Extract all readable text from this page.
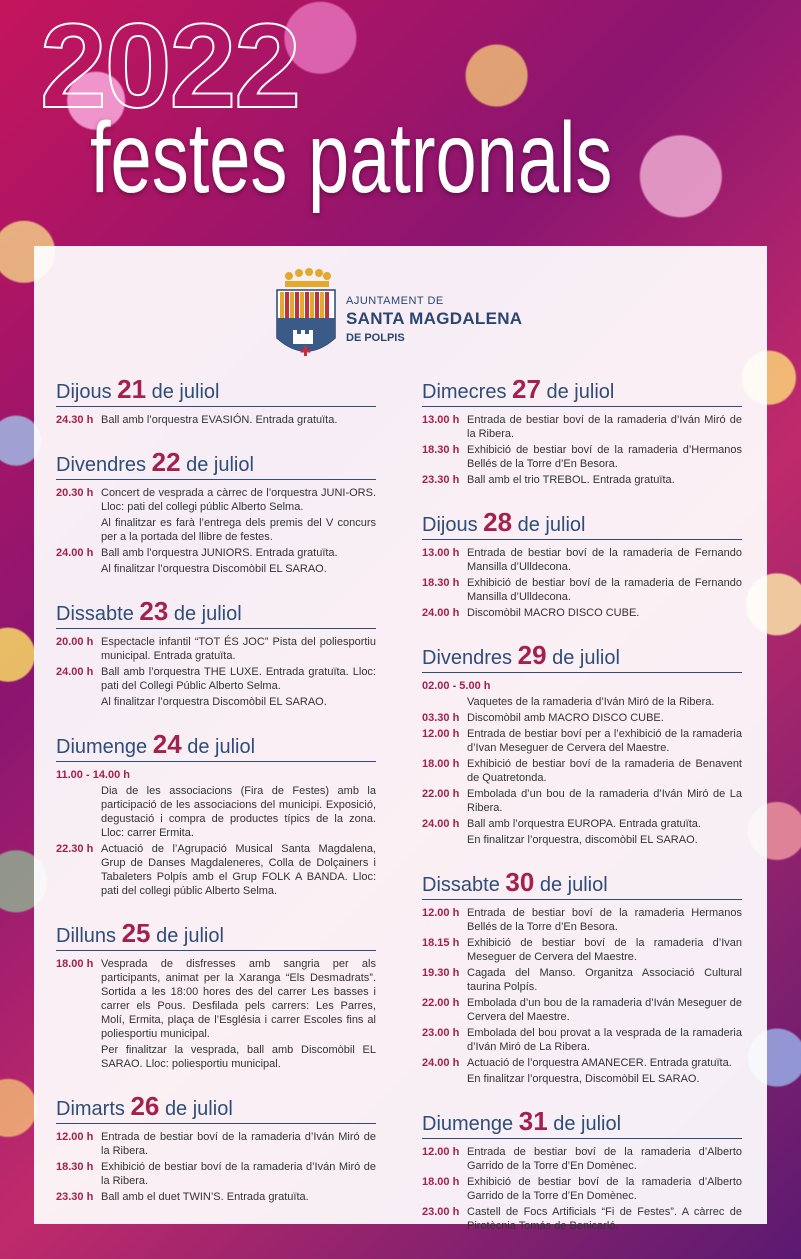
2022
festes patronals
AJUNTAMENT DE
SANTA MAGDALENA
DE POLPIS
Dijous 21 de juliol
24.30 h Ball amb l’orquestra EVASIÓN. Entrada gratuïta.
Divendres 22 de juliol
20.30 h Concert de vesprada a càrrec de l’orquestra JUNI-ORS. Lloc: pati del collegi públic Alberto Selma.
Al finalitzar es farà l’entrega dels premis del V concurs per a la portada del llibre de festes.
24.00 h Ball amb l’orquestra JUNIORS. Entrada gratuïta.
Al finalitzar l’orquestra Discomòbil EL SARAO.
Dissabte 23 de juliol
20.00 h Espectacle infantil “TOT ÉS JOC” Pista del poliesportiu municipal. Entrada gratuïta.
24.00 h Ball amb l’orquestra THE LUXE. Entrada gratuïta. Lloc: pati del Collegi Públic Alberto Selma.
Al finalitzar l’orquestra Discomòbil EL SARAO.
Diumenge 24 de juliol
11.00 - 14.00 h
Dia de les associacions (Fira de Festes) amb la participació de les associacions del municipi. Exposició, degustació i compra de productes típics de la zona. Lloc: carrer Ermita.
22.30 h Actuació de l’Agrupació Musical Santa Magdalena, Grup de Danses Magdaleneres, Colla de Dolçainers i Tabaleters Polpís amb el Grup FOLK A BANDA. Lloc: pati del collegi públic Alberto Selma.
Dilluns 25 de juliol
18.00 h Vesprada de disfresses amb sangria per als participants, animat per la Xaranga “Els Desmadrats”. Sortida a les 18:00 hores des del carrer Les basses i carrer els Pous. Desfilada pels carrers: Les Parres, Molí, Ermita, plaça de l’Església i carrer Escoles fins al poliesportiu municipal.
Per finalitzar la vesprada, ball amb Discomòbil EL SARAO. Lloc: poliesportiu municipal.
Dimarts 26 de juliol
12.00 h Entrada de bestiar boví de la ramaderia d’Iván Miró de la Ribera.
18.30 h Exhibició de bestiar boví de la ramaderia d’Iván Miró de la Ribera.
23.30 h Ball amb el duet TWIN’S. Entrada gratuïta.
Dimecres 27 de juliol
13.00 h Entrada de bestiar boví de la ramaderia d’Iván Miró de la Ribera.
18.30 h Exhibició de bestiar boví de la ramaderia d’Hermanos Bellés de la Torre d’En Besora.
23.30 h Ball amb el trio TREBOL. Entrada gratuïta.
Dijous 28 de juliol
13.00 h Entrada de bestiar boví de la ramaderia de Fernando Mansilla d’Ulldecona.
18.30 h Exhibició de bestiar boví de la ramaderia de Fernando Mansilla d’Ulldecona.
24.00 h Discomòbil MACRO DISCO CUBE.
Divendres 29 de juliol
02.00 - 5.00 h
Vaquetes de la ramaderia d’Iván Miró de la Ribera.
03.30 h Discomòbil amb MACRO DISCO CUBE.
12.00 h Entrada de bestiar boví per a l’exhibició de la ramaderia d’Ivan Meseguer de Cervera del Maestre.
18.00 h Exhibició de bestiar boví de la ramaderia de Benavent de Quatretonda.
22.00 h Embolada d’un bou de la ramaderia d’Iván Miró de La Ribera.
24.00 h Ball amb l’orquestra EUROPA. Entrada gratuïta.
En finalitzar l’orquestra, discomòbil EL SARAO.
Dissabte 30 de juliol
12.00 h Entrada de bestiar boví de la ramaderia Hermanos Bellés de la Torre d’En Besora.
18.15 h Exhibició de bestiar boví de la ramaderia d’Ivan Meseguer de Cervera del Maestre.
19.30 h Cagada del Manso. Organitza Associació Cultural taurina Polpís.
22.00 h Embolada d’un bou de la ramaderia d’Iván Meseguer de Cervera del Maestre.
23.00 h Embolada del bou provat a la vesprada de la ramaderia d’Iván Miró de La Ribera.
24.00 h Actuació de l’orquestra AMANECER. Entrada gratuïta.
En finalitzar l’orquestra, Discomòbil EL SARAO.
Diumenge 31 de juliol
12.00 h Entrada de bestiar boví de la ramaderia d’Alberto Garrido de la Torre d’En Domènec.
18.00 h Exhibició de bestiar boví de la ramaderia d’Alberto Garrido de la Torre d’En Domènec.
23.00 h Castell de Focs Artificials “Fi de Festes”. A càrrec de Pirotècnia Tomás de Benicarló.
